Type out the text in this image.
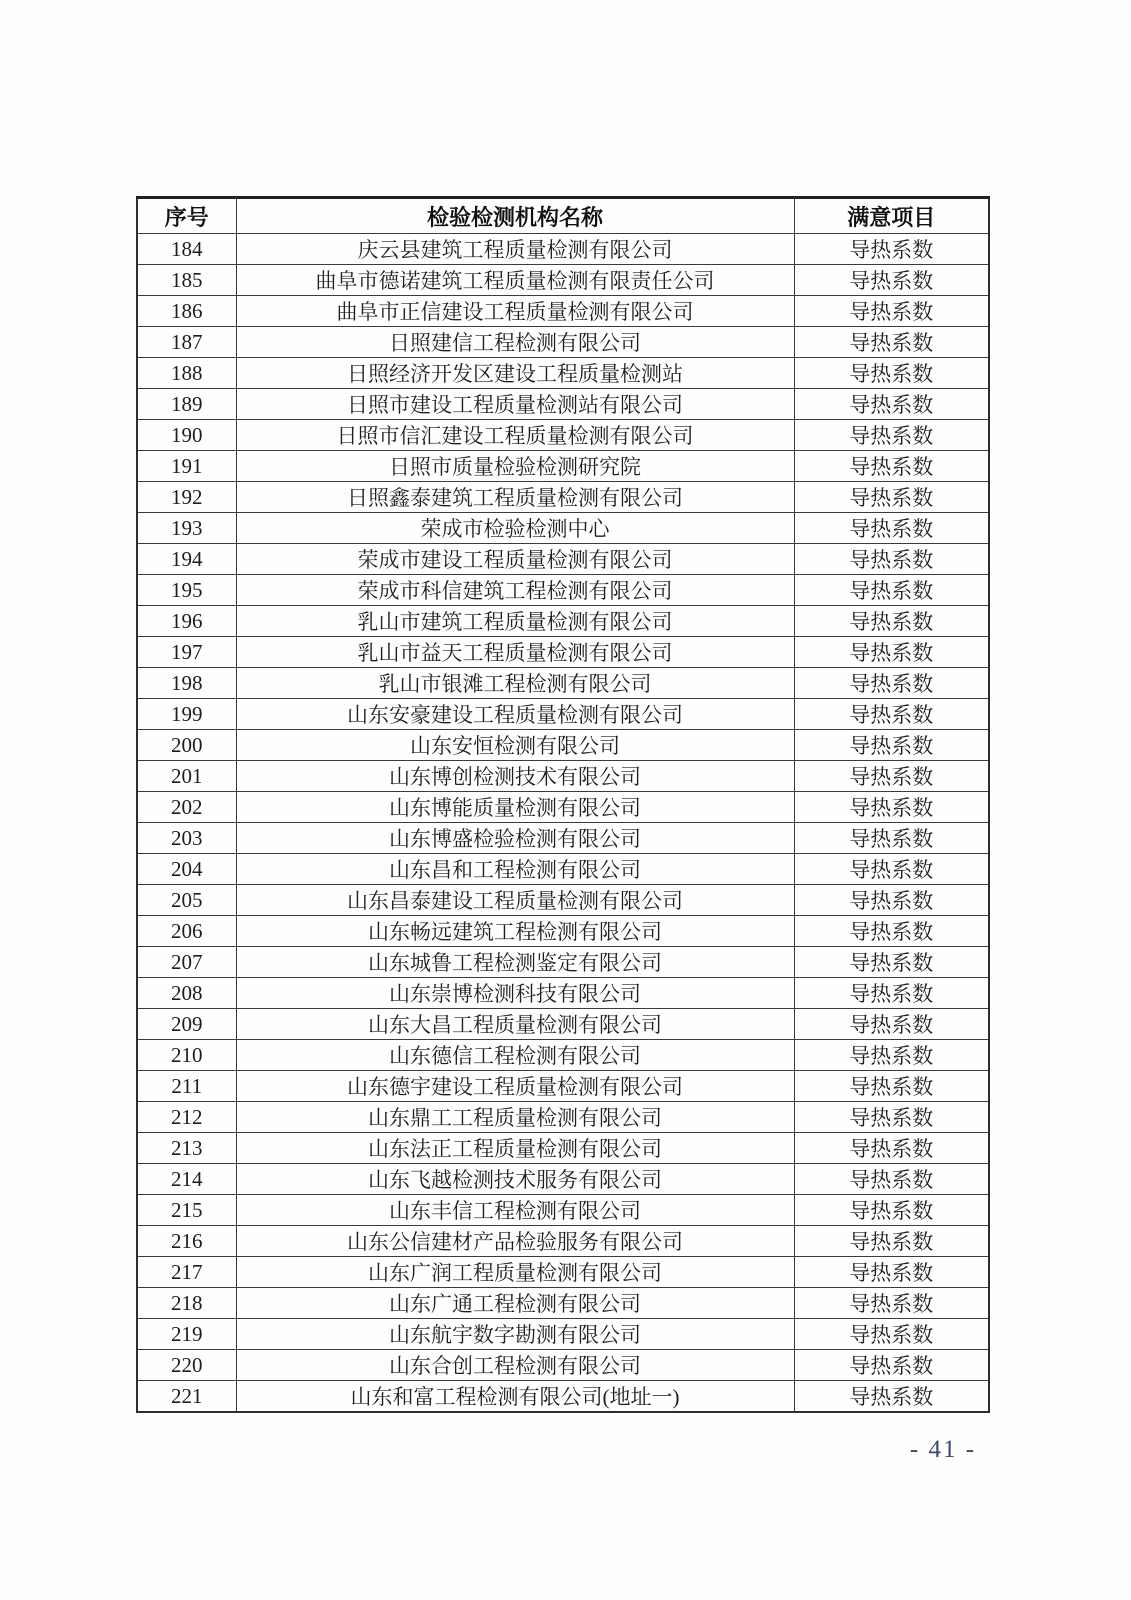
序号	检验检测机构名称	满意项目
184	庆云县建筑工程质量检测有限公司	导热系数
185	曲阜市德诺建筑工程质量检测有限责任公司	导热系数
186	曲阜市正信建设工程质量检测有限公司	导热系数
187	日照建信工程检测有限公司	导热系数
188	日照经济开发区建设工程质量检测站	导热系数
189	日照市建设工程质量检测站有限公司	导热系数
190	日照市信汇建设工程质量检测有限公司	导热系数
191	日照市质量检验检测研究院	导热系数
192	日照鑫泰建筑工程质量检测有限公司	导热系数
193	荣成市检验检测中心	导热系数
194	荣成市建设工程质量检测有限公司	导热系数
195	荣成市科信建筑工程检测有限公司	导热系数
196	乳山市建筑工程质量检测有限公司	导热系数
197	乳山市益天工程质量检测有限公司	导热系数
198	乳山市银滩工程检测有限公司	导热系数
199	山东安豪建设工程质量检测有限公司	导热系数
200	山东安恒检测有限公司	导热系数
201	山东博创检测技术有限公司	导热系数
202	山东博能质量检测有限公司	导热系数
203	山东博盛检验检测有限公司	导热系数
204	山东昌和工程检测有限公司	导热系数
205	山东昌泰建设工程质量检测有限公司	导热系数
206	山东畅远建筑工程检测有限公司	导热系数
207	山东城鲁工程检测鉴定有限公司	导热系数
208	山东崇博检测科技有限公司	导热系数
209	山东大昌工程质量检测有限公司	导热系数
210	山东德信工程检测有限公司	导热系数
211	山东德宇建设工程质量检测有限公司	导热系数
212	山东鼎工工程质量检测有限公司	导热系数
213	山东法正工程质量检测有限公司	导热系数
214	山东飞越检测技术服务有限公司	导热系数
215	山东丰信工程检测有限公司	导热系数
216	山东公信建材产品检验服务有限公司	导热系数
217	山东广润工程质量检测有限公司	导热系数
218	山东广通工程检测有限公司	导热系数
219	山东航宇数字勘测有限公司	导热系数
220	山东合创工程检测有限公司	导热系数
221	山东和富工程检测有限公司(地址一)	导热系数
- 41 -
